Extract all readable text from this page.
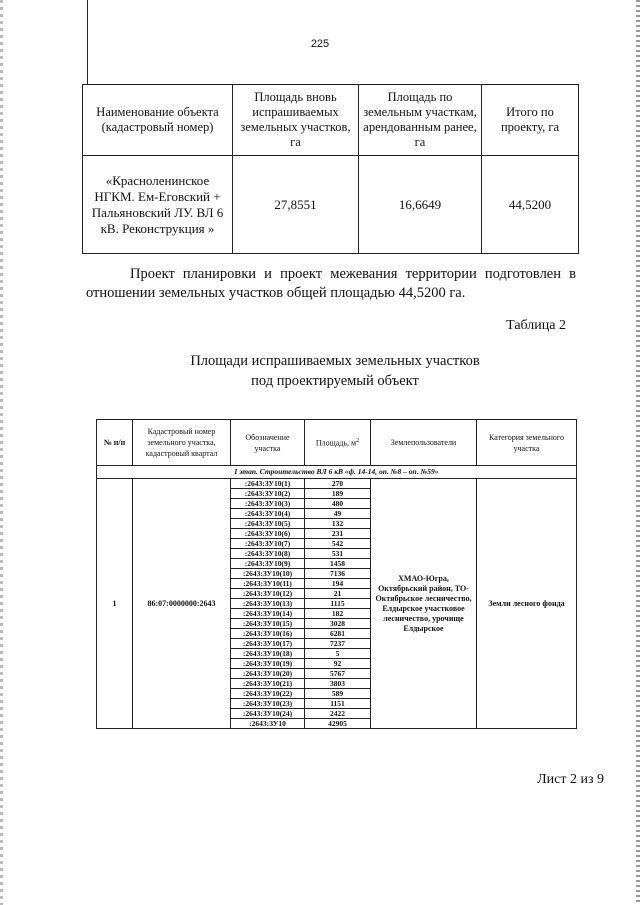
225
Наименование объекта (кадастровый номер)	Площадь вновь испрашиваемых земельных участков, га	Площадь по земельным участкам, арендованным ранее, га	Итого по проекту, га
«Красноленинское НГКМ. Ем-Еговский + Пальяновский ЛУ. ВЛ 6 кВ. Реконструкция »	27,8551	16,6649	44,5200
Проект планировки и проект межевания территории подготовлен в отношении земельных участков общей площадью 44,5200 га.
Таблица 2
Площади испрашиваемых земельных участков
под проектируемый объект
№ п/п	Кадастровый номер земельного участка, кадастровый квартал	Обозначение участка	Площадь, $м^2$	Землепользователи	Категория земельного участка
I этап. Строительство ВЛ 6 кВ «ф. 14-14, оп. №8 – оп. №59»					
1	86:07:0000000:2643	:2643:ЗУ10(1)	270	ХМАО-Югра, Октябрьский район, ТО-Октябрьское лесничество, Елдырское участковое лесничество, урочище Елдырское	Земли лесного фонда
		:2643:ЗУ10(2)	189		
		:2643:ЗУ10(3)	480		
		:2643:ЗУ10(4)	49		
		:2643:ЗУ10(5)	132		
		:2643:ЗУ10(6)	231		
		:2643:ЗУ10(7)	542		
		:2643:ЗУ10(8)	531		
		:2643:ЗУ10(9)	1458		
		:2643:ЗУ10(10)	7136		
		:2643:ЗУ10(11)	194		
		:2643:ЗУ10(12)	21		
		:2643:ЗУ10(13)	1115		
		:2643:ЗУ10(14)	182		
		:2643:ЗУ10(15)	3028		
		:2643:ЗУ10(16)	6281		
		:2643:ЗУ10(17)	7237		
		:2643:ЗУ10(18)	5		
		:2643:ЗУ10(19)	92		
		:2643:ЗУ10(20)	5767		
		:2643:ЗУ10(21)	3803		
		:2643:ЗУ10(22)	589		
		:2643:ЗУ10(23)	1151		
		:2643:ЗУ10(24)	2422		
		:2643:ЗУ10	42905		
Лист 2 из 9
